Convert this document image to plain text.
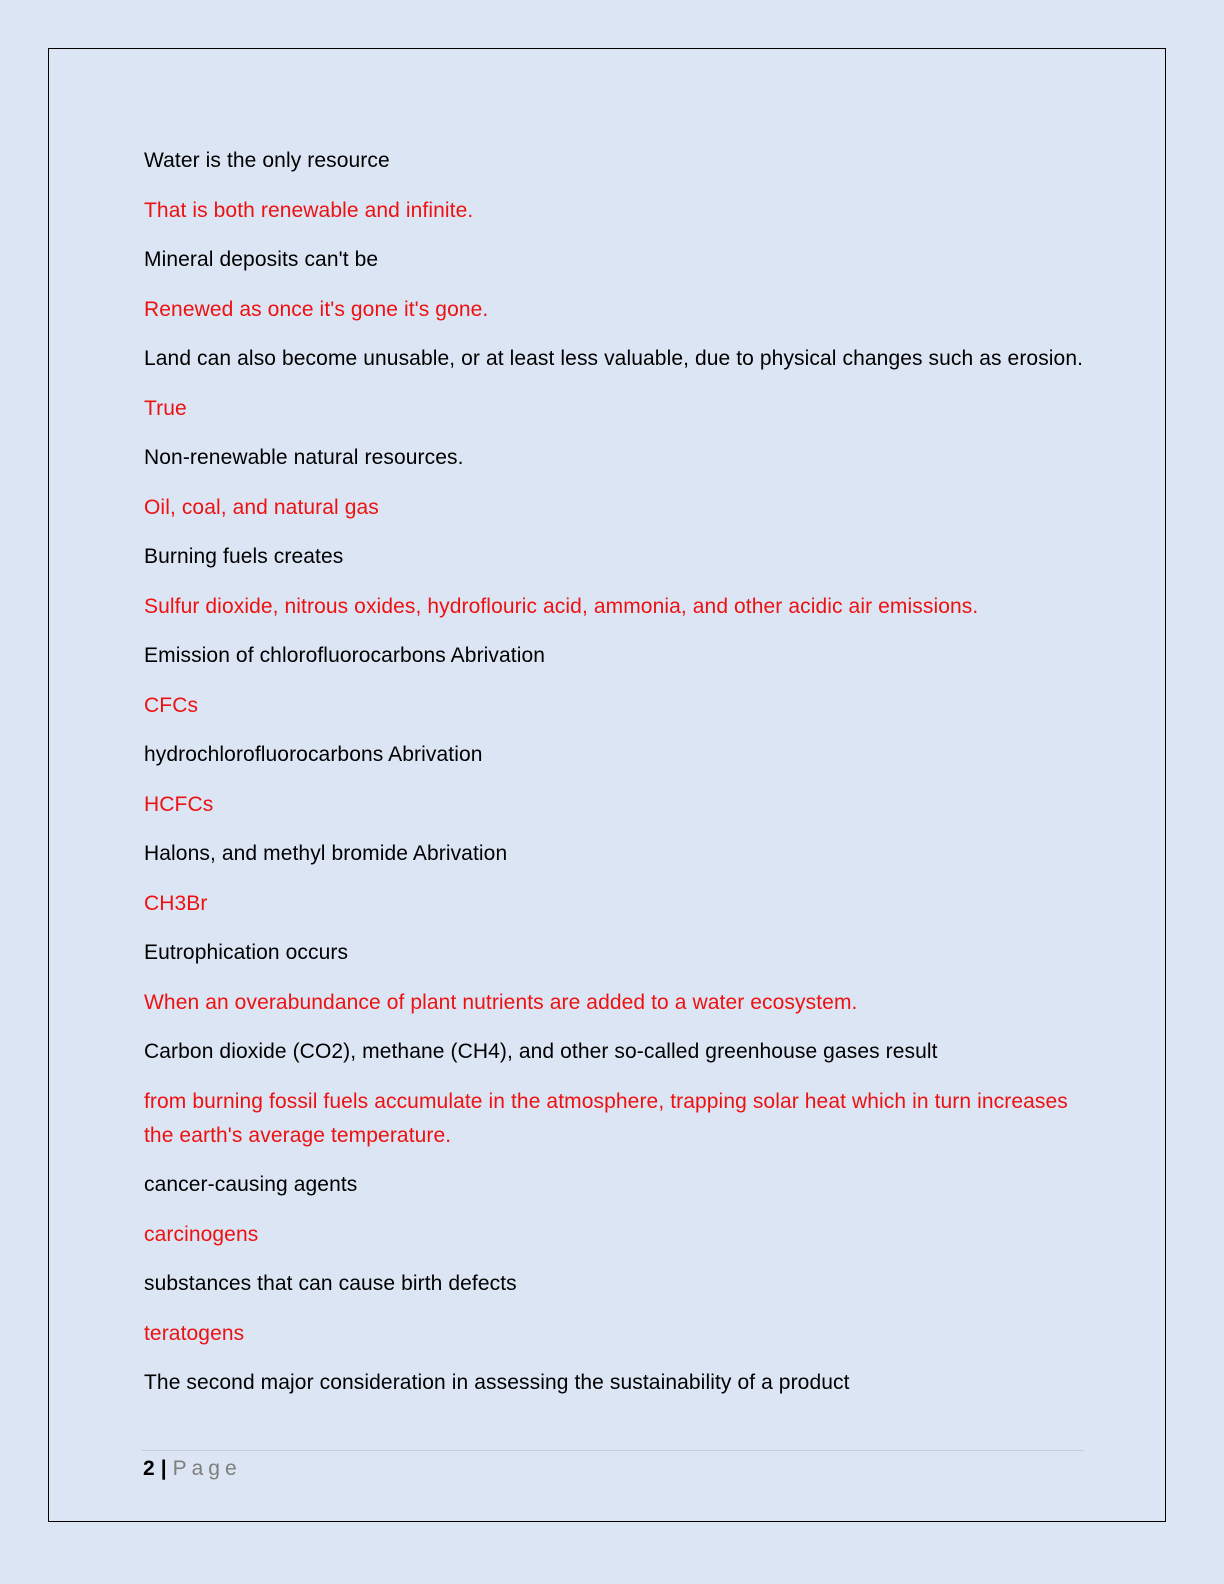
Water is the only resource

That is both renewable and infinite.

Mineral deposits can't be

Renewed as once it's gone it's gone.

Land can also become unusable, or at least less valuable, due to physical changes such as erosion.

True

Non-renewable natural resources.

Oil, coal, and natural gas

Burning fuels creates

Sulfur dioxide, nitrous oxides, hydroflouric acid, ammonia, and other acidic air emissions.

Emission of chlorofluorocarbons Abrivation

CFCs

hydrochlorofluorocarbons Abrivation

HCFCs

Halons, and methyl bromide Abrivation

CH3Br

Eutrophication occurs

When an overabundance of plant nutrients are added to a water ecosystem.

Carbon dioxide (CO2), methane (CH4), and other so-called greenhouse gases result

from burning fossil fuels accumulate in the atmosphere, trapping solar heat which in turn increases the earth's average temperature.

cancer-causing agents

carcinogens

substances that can cause birth defects

teratogens

The second major consideration in assessing the sustainability of a product

2 | Page
